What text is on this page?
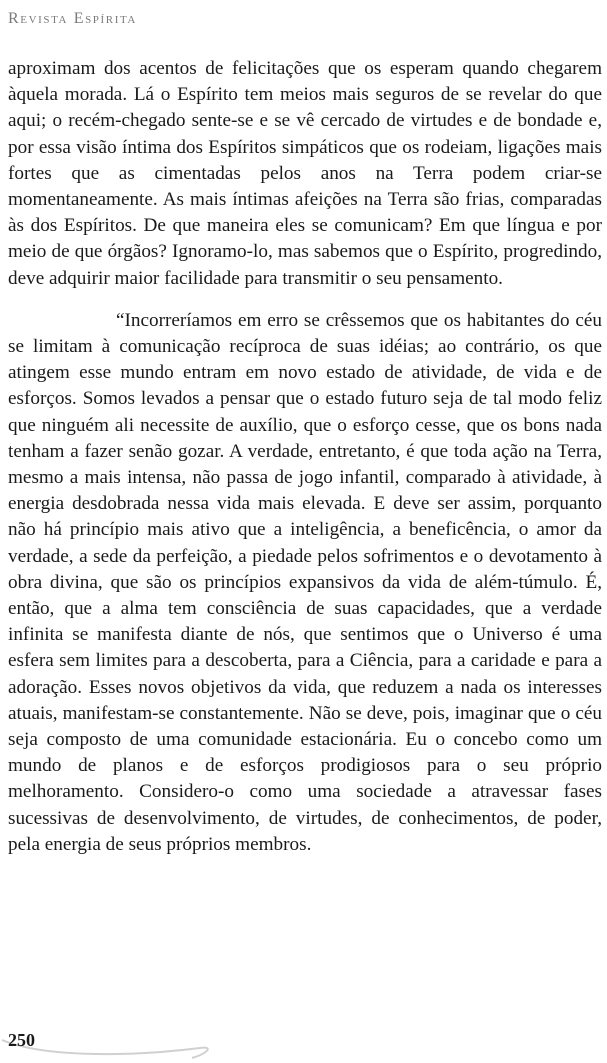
Revista Espírita

aproximam dos acentos de felicitações que os esperam quando chegarem àquela morada. Lá o Espírito tem meios mais seguros de se revelar do que aqui; o recém-chegado sente-se e se vê cercado de virtudes e de bondade e, por essa visão íntima dos Espíritos simpáticos que os rodeiam, ligações mais fortes que as cimentadas pelos anos na Terra podem criar-se momentaneamente. As mais íntimas afeições na Terra são frias, comparadas às dos Espíritos. De que maneira eles se comunicam? Em que língua e por meio de que órgãos? Ignoramo-lo, mas sabemos que o Espírito, progredindo, deve adquirir maior facilidade para transmitir o seu pensamento.

“Incorreríamos em erro se crêssemos que os habitantes do céu se limitam à comunicação recíproca de suas idéias; ao contrário, os que atingem esse mundo entram em novo estado de atividade, de vida e de esforços. Somos levados a pensar que o estado futuro seja de tal modo feliz que ninguém ali necessite de auxílio, que o esforço cesse, que os bons nada tenham a fazer senão gozar. A verdade, entretanto, é que toda ação na Terra, mesmo a mais intensa, não passa de jogo infantil, comparado à atividade, à energia desdobrada nessa vida mais elevada. E deve ser assim, porquanto não há princípio mais ativo que a inteligência, a beneficência, o amor da verdade, a sede da perfeição, a piedade pelos sofrimentos e o devotamento à obra divina, que são os princípios expansivos da vida de além-túmulo. É, então, que a alma tem consciência de suas capacidades, que a verdade infinita se manifesta diante de nós, que sentimos que o Universo é uma esfera sem limites para a descoberta, para a Ciência, para a caridade e para a adoração. Esses novos objetivos da vida, que reduzem a nada os interesses atuais, manifestam-se constantemente. Não se deve, pois, imaginar que o céu seja composto de uma comunidade estacionária. Eu o concebo como um mundo de planos e de esforços prodigiosos para o seu próprio melhoramento. Considero-o como uma sociedade a atravessar fases sucessivas de desenvolvimento, de virtudes, de conhecimentos, de poder, pela energia de seus próprios membros.

250
